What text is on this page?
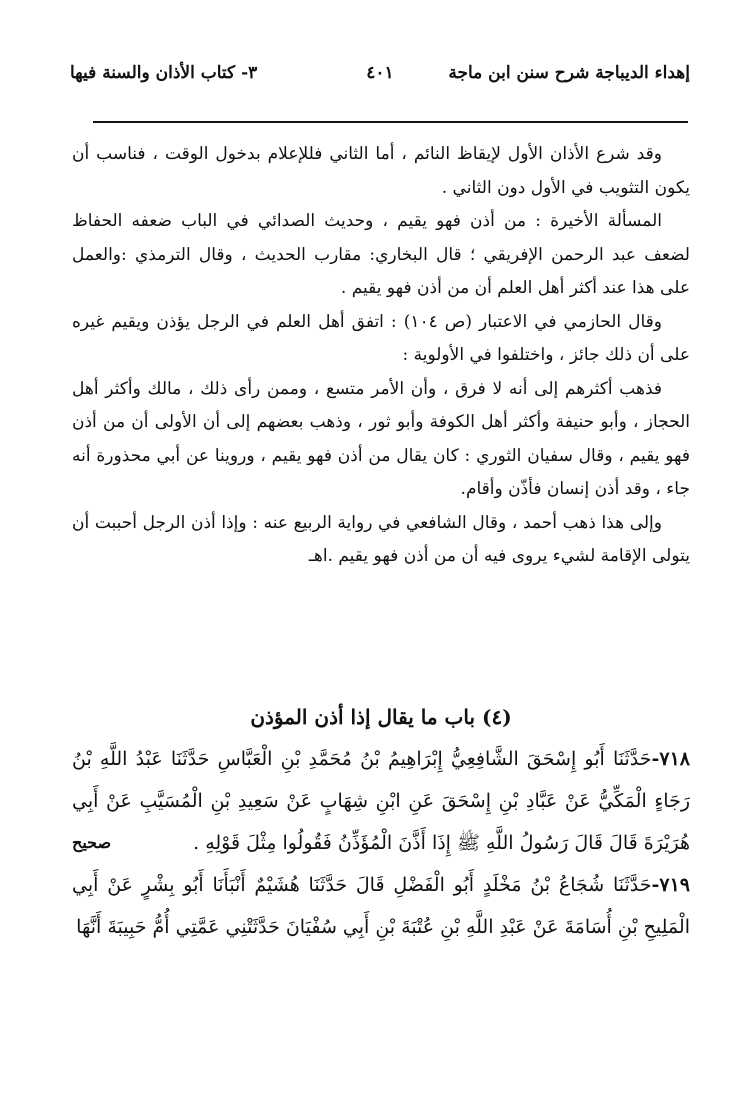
إهداء الديباجة شرح سنن ابن ماجة
٤٠١
٣- كتاب الأذان والسنة فيها

وقد شرع الأذان الأول لإيقاظ النائم ، أما الثاني فللإعلام بدخول الوقت ، فناسب أن يكون التثويب في الأول دون الثاني .

المسألة الأخيرة : من أذن فهو يقيم ، وحديث الصدائي في الباب ضعفه الحفاظ لضعف عبد الرحمن الإفريقي ؛ قال البخاري: مقارب الحديث ، وقال الترمذي :والعمل على هذا عند أكثر أهل العلم أن من أذن فهو يقيم .

وقال الحازمي في الاعتبار (ص ١٠٤) : اتفق أهل العلم في الرجل يؤذن ويقيم غيره على أن ذلك جائز ، واختلفوا في الأولوية :

فذهب أكثرهم إلى أنه لا فرق ، وأن الأمر متسع ، وممن رأى ذلك ، مالك وأكثر أهل الحجاز ، وأبو حنيفة وأكثر أهل الكوفة وأبو ثور ، وذهب بعضهم إلى أن الأولى أن من أذن فهو يقيم ، وقال سفيان الثوري : كان يقال من أذن فهو يقيم ، وروينا عن أبي محذورة أنه جاء ، وقد أذن إنسان فأذّن وأقام.

وإلى هذا ذهب أحمد ، وقال الشافعي في رواية الربيع عنه : وإذا أذن الرجل أحببت أن يتولى الإقامة لشيء يروى فيه أن من أذن فهو يقيم .اهـ

(٤) باب ما يقال إذا أذن المؤذن

٧١٨-حَدَّثَنَا أَبُو إِسْحَقَ الشَّافِعِيُّ إِبْرَاهِيمُ بْنُ مُحَمَّدِ بْنِ الْعَبَّاسِ حَدَّثَنَا عَبْدُ اللَّهِ بْنُ رَجَاءٍ الْمَكِّيُّ عَنْ عَبَّادِ بْنِ إِسْحَقَ عَنِ ابْنِ شِهَابٍ عَنْ سَعِيدِ بْنِ الْمُسَيَّبِ عَنْ أَبِي هُرَيْرَةَ قَالَ قَالَ رَسُولُ اللَّهِ ﷺ إِذَا أَذَّنَ الْمُؤَذِّنُ فَقُولُوا مِثْلَ قَوْلِهِ .
صحيح

٧١٩-حَدَّثَنَا شُجَاعُ بْنُ مَخْلَدٍ أَبُو الْفَضْلِ قَالَ حَدَّثَنَا هُشَيْمٌ أَنْبَأَنَا أَبُو بِشْرٍ عَنْ أَبِي الْمَلِيحِ بْنِ أُسَامَةَ عَنْ عَبْدِ اللَّهِ بْنِ عُتْبَةَ بْنِ أَبِي سُفْيَانَ حَدَّثَتْنِي عَمَّتِي أُمُّ حَبِيبَةَ أَنَّهَا
